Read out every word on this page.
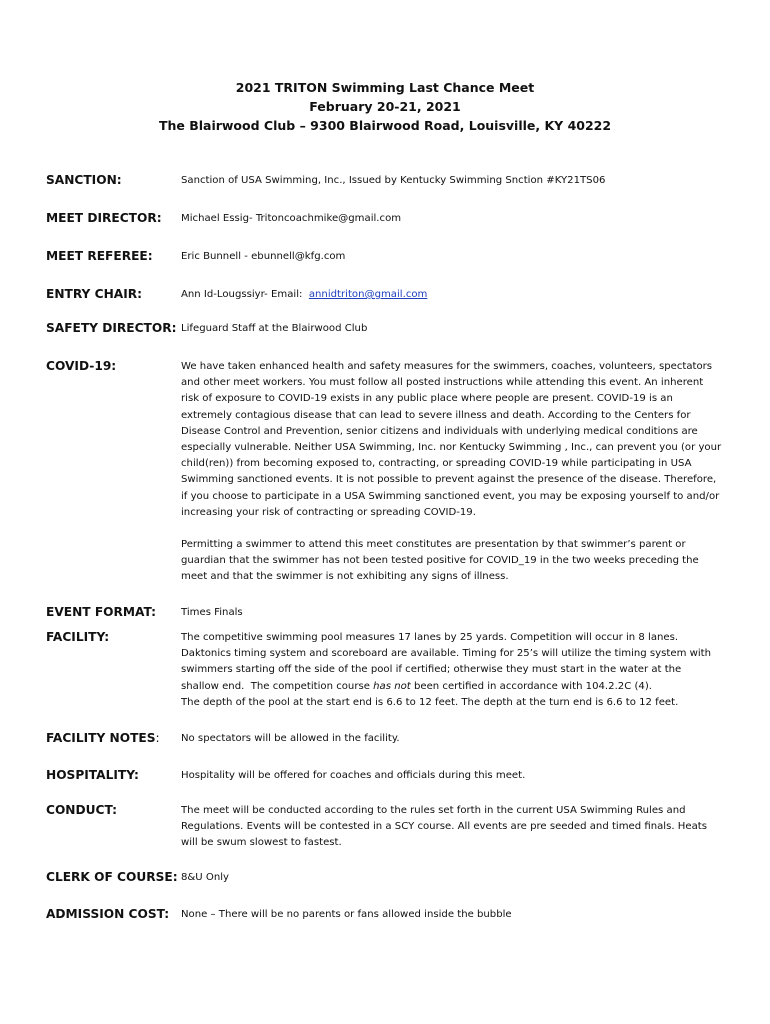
2021 TRITON Swimming Last Chance Meet
February 20-21, 2021
The Blairwood Club – 9300 Blairwood Road, Louisville, KY 40222
SANCTION:	Sanction of USA Swimming, Inc., Issued by Kentucky Swimming Snction #KY21TS06
MEET DIRECTOR:	Michael Essig- Tritoncoachmike@gmail.com
MEET REFEREE:	Eric Bunnell - ebunnell@kfg.com
ENTRY CHAIR:	Ann Id-Lougssiyr- Email:  annidtriton@gmail.com
SAFETY DIRECTOR: Lifeguard Staff at the Blairwood Club
COVID-19:	We have taken enhanced health and safety measures for the swimmers, coaches, volunteers, spectators
and other meet workers. You must follow all posted instructions while attending this event. An inherent
risk of exposure to COVID-19 exists in any public place where people are present. COVID-19 is an
extremely contagious disease that can lead to severe illness and death. According to the Centers for
Disease Control and Prevention, senior citizens and individuals with underlying medical conditions are
especially vulnerable. Neither USA Swimming, Inc. nor Kentucky Swimming , Inc., can prevent you (or your
child(ren)) from becoming exposed to, contracting, or spreading COVID-19 while participating in USA
Swimming sanctioned events. It is not possible to prevent against the presence of the disease. Therefore,
if you choose to participate in a USA Swimming sanctioned event, you may be exposing yourself to and/or
increasing your risk of contracting or spreading COVID-19.

Permitting a swimmer to attend this meet constitutes are presentation by that swimmer’s parent or
guardian that the swimmer has not been tested positive for COVID_19 in the two weeks preceding the
meet and that the swimmer is not exhibiting any signs of illness.

EVENT FORMAT:	Times Finals
FACILITY:	The competitive swimming pool measures 17 lanes by 25 yards. Competition will occur in 8 lanes.
Daktonics timing system and scoreboard are available. Timing for 25’s will utilize the timing system with
swimmers starting off the side of the pool if certified; otherwise they must start in the water at the
shallow end.  The competition course has not been certified in accordance with 104.2.2C (4).
The depth of the pool at the start end is 6.6 to 12 feet. The depth at the turn end is 6.6 to 12 feet.
FACILITY NOTES:	No spectators will be allowed in the facility.
HOSPITALITY:	Hospitality will be offered for coaches and officials during this meet.
CONDUCT:	The meet will be conducted according to the rules set forth in the current USA Swimming Rules and
Regulations. Events will be contested in a SCY course. All events are pre seeded and timed finals. Heats
will be swum slowest to fastest.
CLERK OF COURSE: 8&U Only
ADMISSION COST:	None – There will be no parents or fans allowed inside the bubble
